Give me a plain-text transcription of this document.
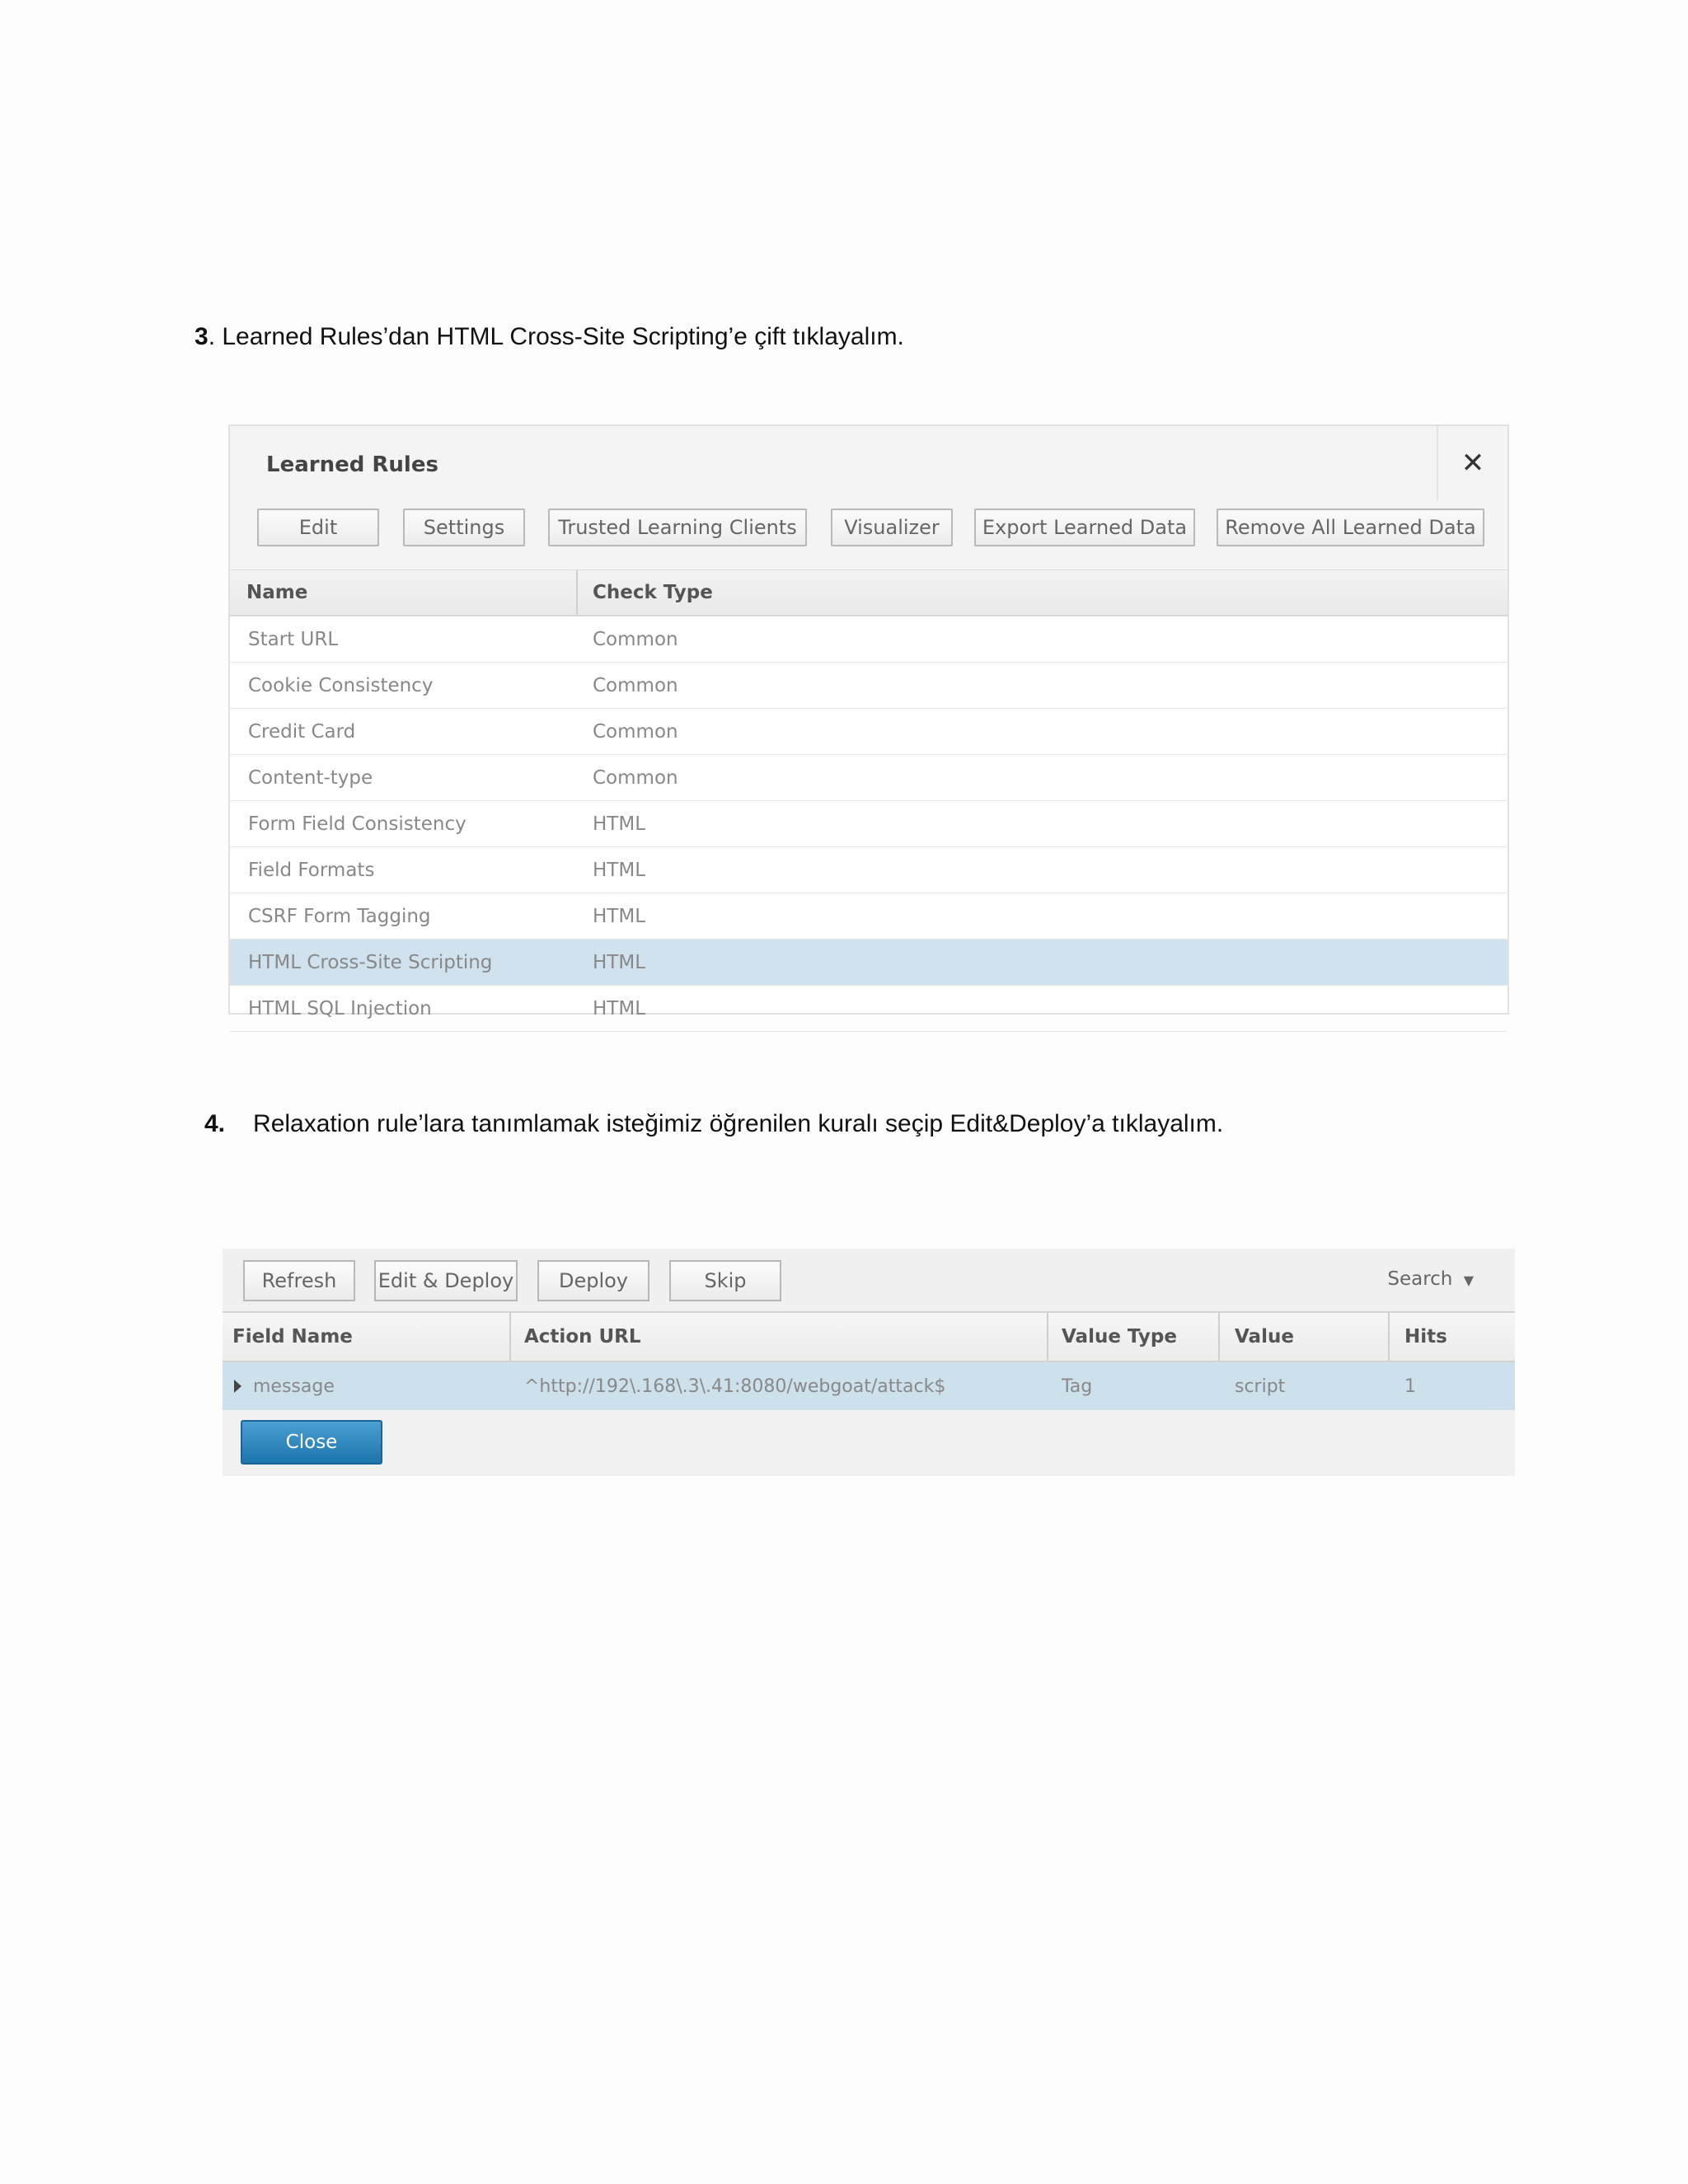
3. Learned Rules’dan HTML Cross-Site Scripting’e çift tıklayalım.
Learned Rules	✕
Edit	Settings	Trusted Learning Clients	Visualizer	Export Learned Data	Remove All Learned Data
Name	Check Type
Start URL	Common
Cookie Consistency	Common
Credit Card	Common
Content-type	Common
Form Field Consistency	HTML
Field Formats	HTML
CSRF Form Tagging	HTML
HTML Cross-Site Scripting	HTML
HTML SQL Injection	HTML
4. Relaxation rule’lara tanımlamak isteğimiz öğrenilen kuralı seçip Edit&Deploy’a tıklayalım.
Refresh	Edit & Deploy	Deploy	Skip	Search ▼
Field Name	Action URL	Value Type	Value	Hits
message	^http://192\.168\.3\.41:8080/webgoat/attack$	Tag	script	1
Close
